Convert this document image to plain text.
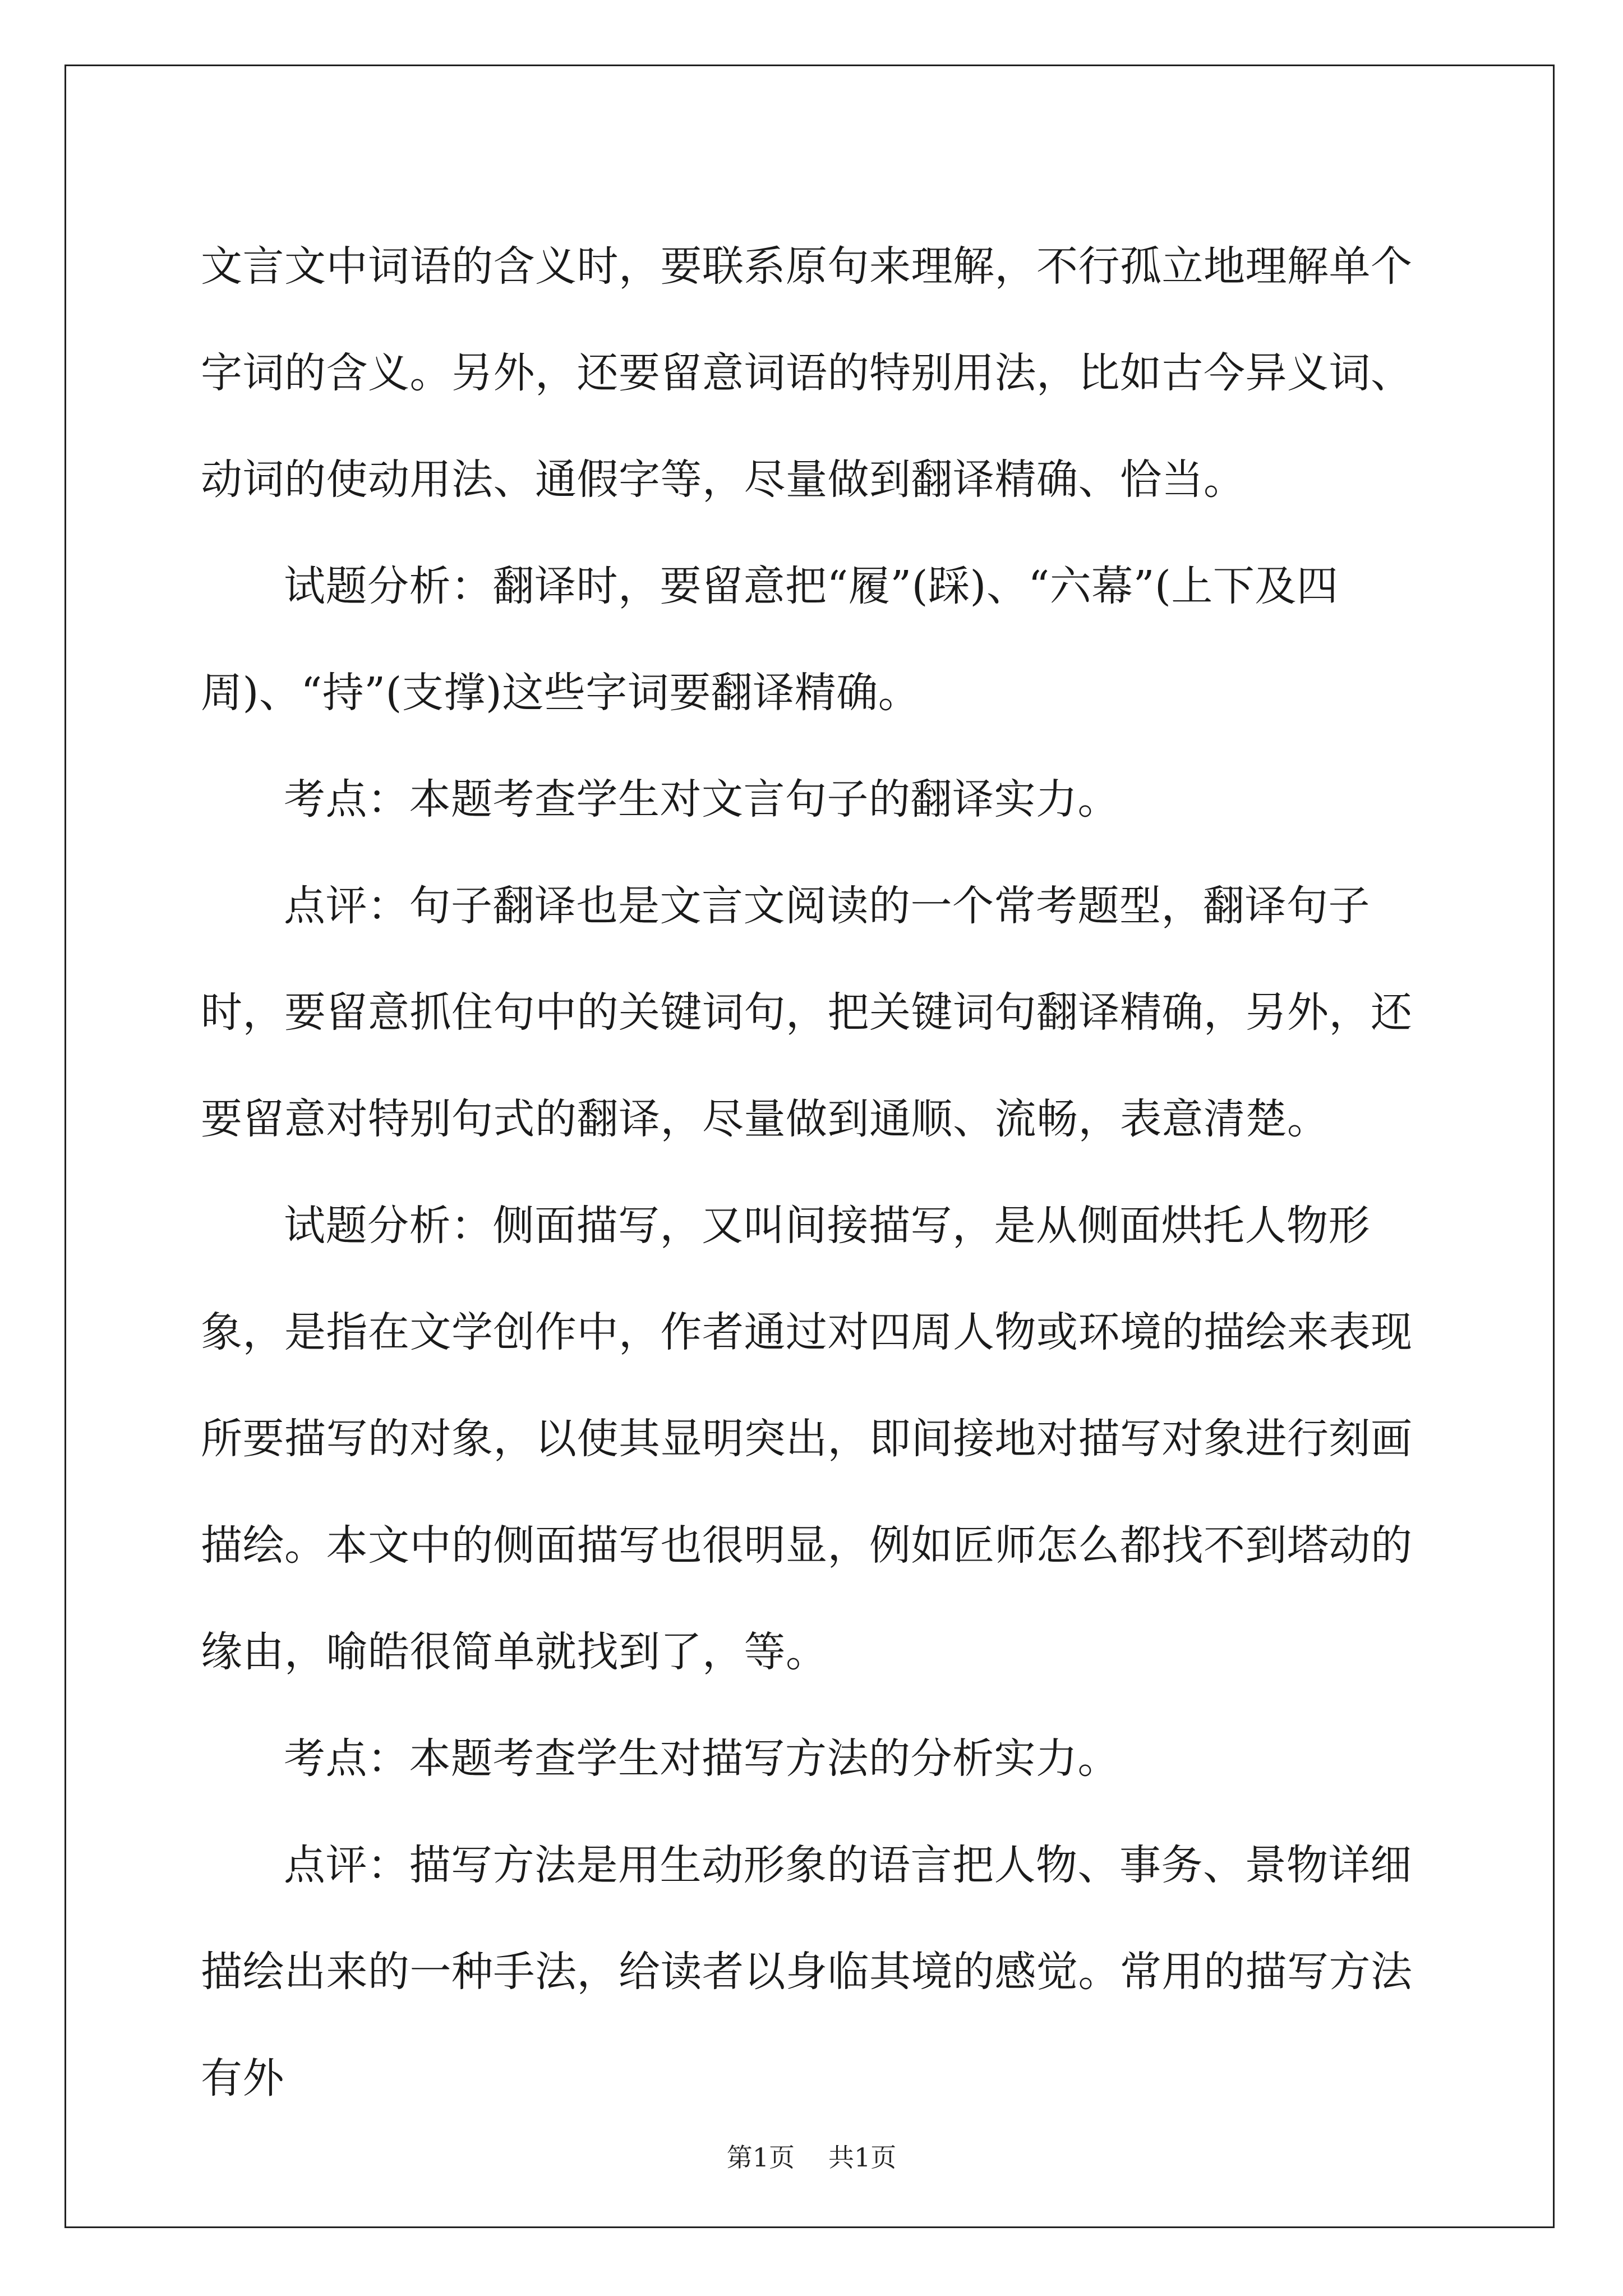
文言文中词语的含义时，要联系原句来理解，不行孤立地理解单个字词的含义。另外，还要留意词语的特别用法，比如古今异义词、动词的使动用法、通假字等，尽量做到翻译精确、恰当。

试题分析：翻译时，要留意把“履”(踩)、“六幕”(上下及四周)、“持”(支撑)这些字词要翻译精确。

考点：本题考查学生对文言句子的翻译实力。

点评：句子翻译也是文言文阅读的一个常考题型，翻译句子时，要留意抓住句中的关键词句，把关键词句翻译精确，另外，还要留意对特别句式的翻译，尽量做到通顺、流畅，表意清楚。

试题分析：侧面描写，又叫间接描写，是从侧面烘托人物形象，是指在文学创作中，作者通过对四周人物或环境的描绘来表现所要描写的对象，以使其显明突出，即间接地对描写对象进行刻画描绘。本文中的侧面描写也很明显，例如匠师怎么都找不到塔动的缘由，喻皓很简单就找到了，等。

考点：本题考查学生对描写方法的分析实力。

点评：描写方法是用生动形象的语言把人物、事务、景物详细描绘出来的一种手法，给读者以身临其境的感觉。常用的描写方法有外

第1页 共1页
